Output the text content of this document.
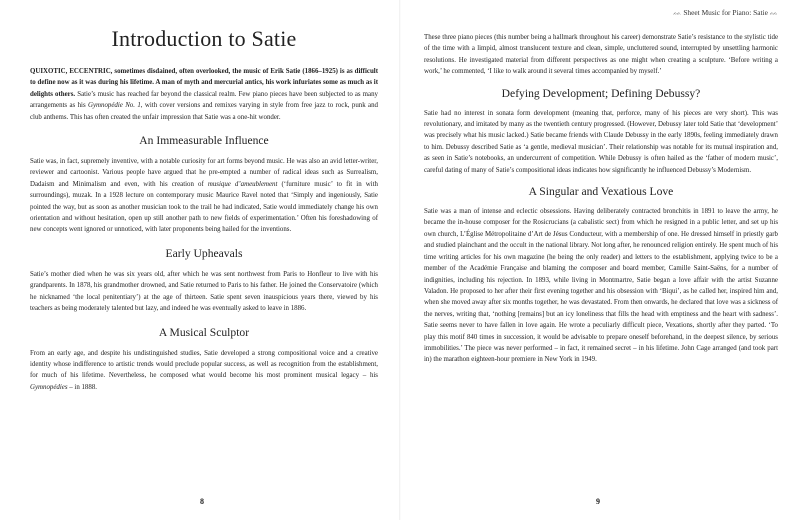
Introduction to Satie

QUIXOTIC, ECCENTRIC, sometimes disdained, often overlooked, the music of Erik Satie (1866–1925) is as difficult to define now as it was during his lifetime. A man of myth and mercurial antics, his work infuriates some as much as it delights others. Satie’s music has reached far beyond the classical realm. Few piano pieces have been subjected to as many arrangements as his Gymnopédie No. 1, with cover versions and remixes varying in style from free jazz to rock, punk and club anthems. This has often created the unfair impression that Satie was a one-hit wonder.

An Immeasurable Influence

Satie was, in fact, supremely inventive, with a notable curiosity for art forms beyond music. He was also an avid letter-writer, reviewer and cartoonist. Various people have argued that he pre-empted a number of radical ideas such as Surrealism, Dadaism and Minimalism and even, with his creation of musique d’ameublement (‘furniture music’ to fit in with surroundings), muzak. In a 1928 lecture on contemporary music Maurice Ravel noted that ‘Simply and ingeniously, Satie pointed the way, but as soon as another musician took to the trail he had indicated, Satie would immediately change his own orientation and without hesitation, open up still another path to new fields of experimentation.’ Often his foreshadowing of new concepts went ignored or unnoticed, with later proponents being hailed for the inventions.

Early Upheavals

Satie’s mother died when he was six years old, after which he was sent northwest from Paris to Honfleur to live with his grandparents. In 1878, his grandmother drowned, and Satie returned to Paris to his father. He joined the Conservatoire (which he nicknamed ‘the local penitentiary’) at the age of thirteen. Satie spent seven inauspicious years there, viewed by his teachers as being moderately talented but lazy, and indeed he was eventually asked to leave in 1886.

A Musical Sculptor

From an early age, and despite his undistinguished studies, Satie developed a strong compositional voice and a creative identity whose indifference to artistic trends would preclude popular success, as well as recognition from the establishment, for much of his lifetime. Nevertheless, he composed what would become his most prominent musical legacy – his Gymnopédies – in 1888.

8
ᨐ Sheet Music for Piano: Satie ᨐ

These three piano pieces (this number being a hallmark throughout his career) demonstrate Satie’s resistance to the stylistic tide of the time with a limpid, almost translucent texture and clean, simple, uncluttered sound, interrupted by unsettling harmonic resolutions. He investigated material from different perspectives as one might when creating a sculpture. ‘Before writing a work,’ he commented, ‘I like to walk around it several times accompanied by myself.’

Defying Development; Defining Debussy?

Satie had no interest in sonata form development (meaning that, perforce, many of his pieces are very short). This was revolutionary, and imitated by many as the twentieth century progressed. (However, Debussy later told Satie that ‘development’ was precisely what his music lacked.) Satie became friends with Claude Debussy in the early 1890s, feeling immediately drawn to him. Debussy described Satie as ‘a gentle, medieval musician’. Their relationship was notable for its mutual inspiration and, as seen in Satie’s notebooks, an undercurrent of competition. While Debussy is often hailed as the ‘father of modern music’, careful dating of many of Satie’s compositional ideas indicates how significantly he influenced Debussy’s Modernism.

A Singular and Vexatious Love

Satie was a man of intense and eclectic obsessions. Having deliberately contracted bronchitis in 1891 to leave the army, he became the in-house composer for the Rosicrucians (a cabalistic sect) from which he resigned in a public letter, and set up his own church, L’Église Métropolitaine d’Art de Jésus Conducteur, with a membership of one. He dressed himself in priestly garb and studied plainchant and the occult in the national library. Not long after, he renounced religion entirely. He spent much of his time writing articles for his own magazine (he being the only reader) and letters to the establishment, applying twice to be a member of the Académie Française and blaming the composer and board member, Camille Saint-Saëns, for a number of indignities, including his rejection. In 1893, while living in Montmartre, Satie began a love affair with the artist Suzanne Valadon. He proposed to her after their first evening together and his obsession with ‘Biqui’, as he called her, inspired him and, when she moved away after six months together, he was devastated. From then onwards, he declared that love was a sickness of the nerves, writing that, ‘nothing [remains] but an icy loneliness that fills the head with emptiness and the heart with sadness’. Satie seems never to have fallen in love again. He wrote a peculiarly difficult piece, Vexations, shortly after they parted. ‘To play this motif 840 times in succession, it would be advisable to prepare oneself beforehand, in the deepest silence, by serious immobilities.’ The piece was never performed – in fact, it remained secret – in his lifetime. John Cage arranged (and took part in) the marathon eighteen-hour premiere in New York in 1949.

9
